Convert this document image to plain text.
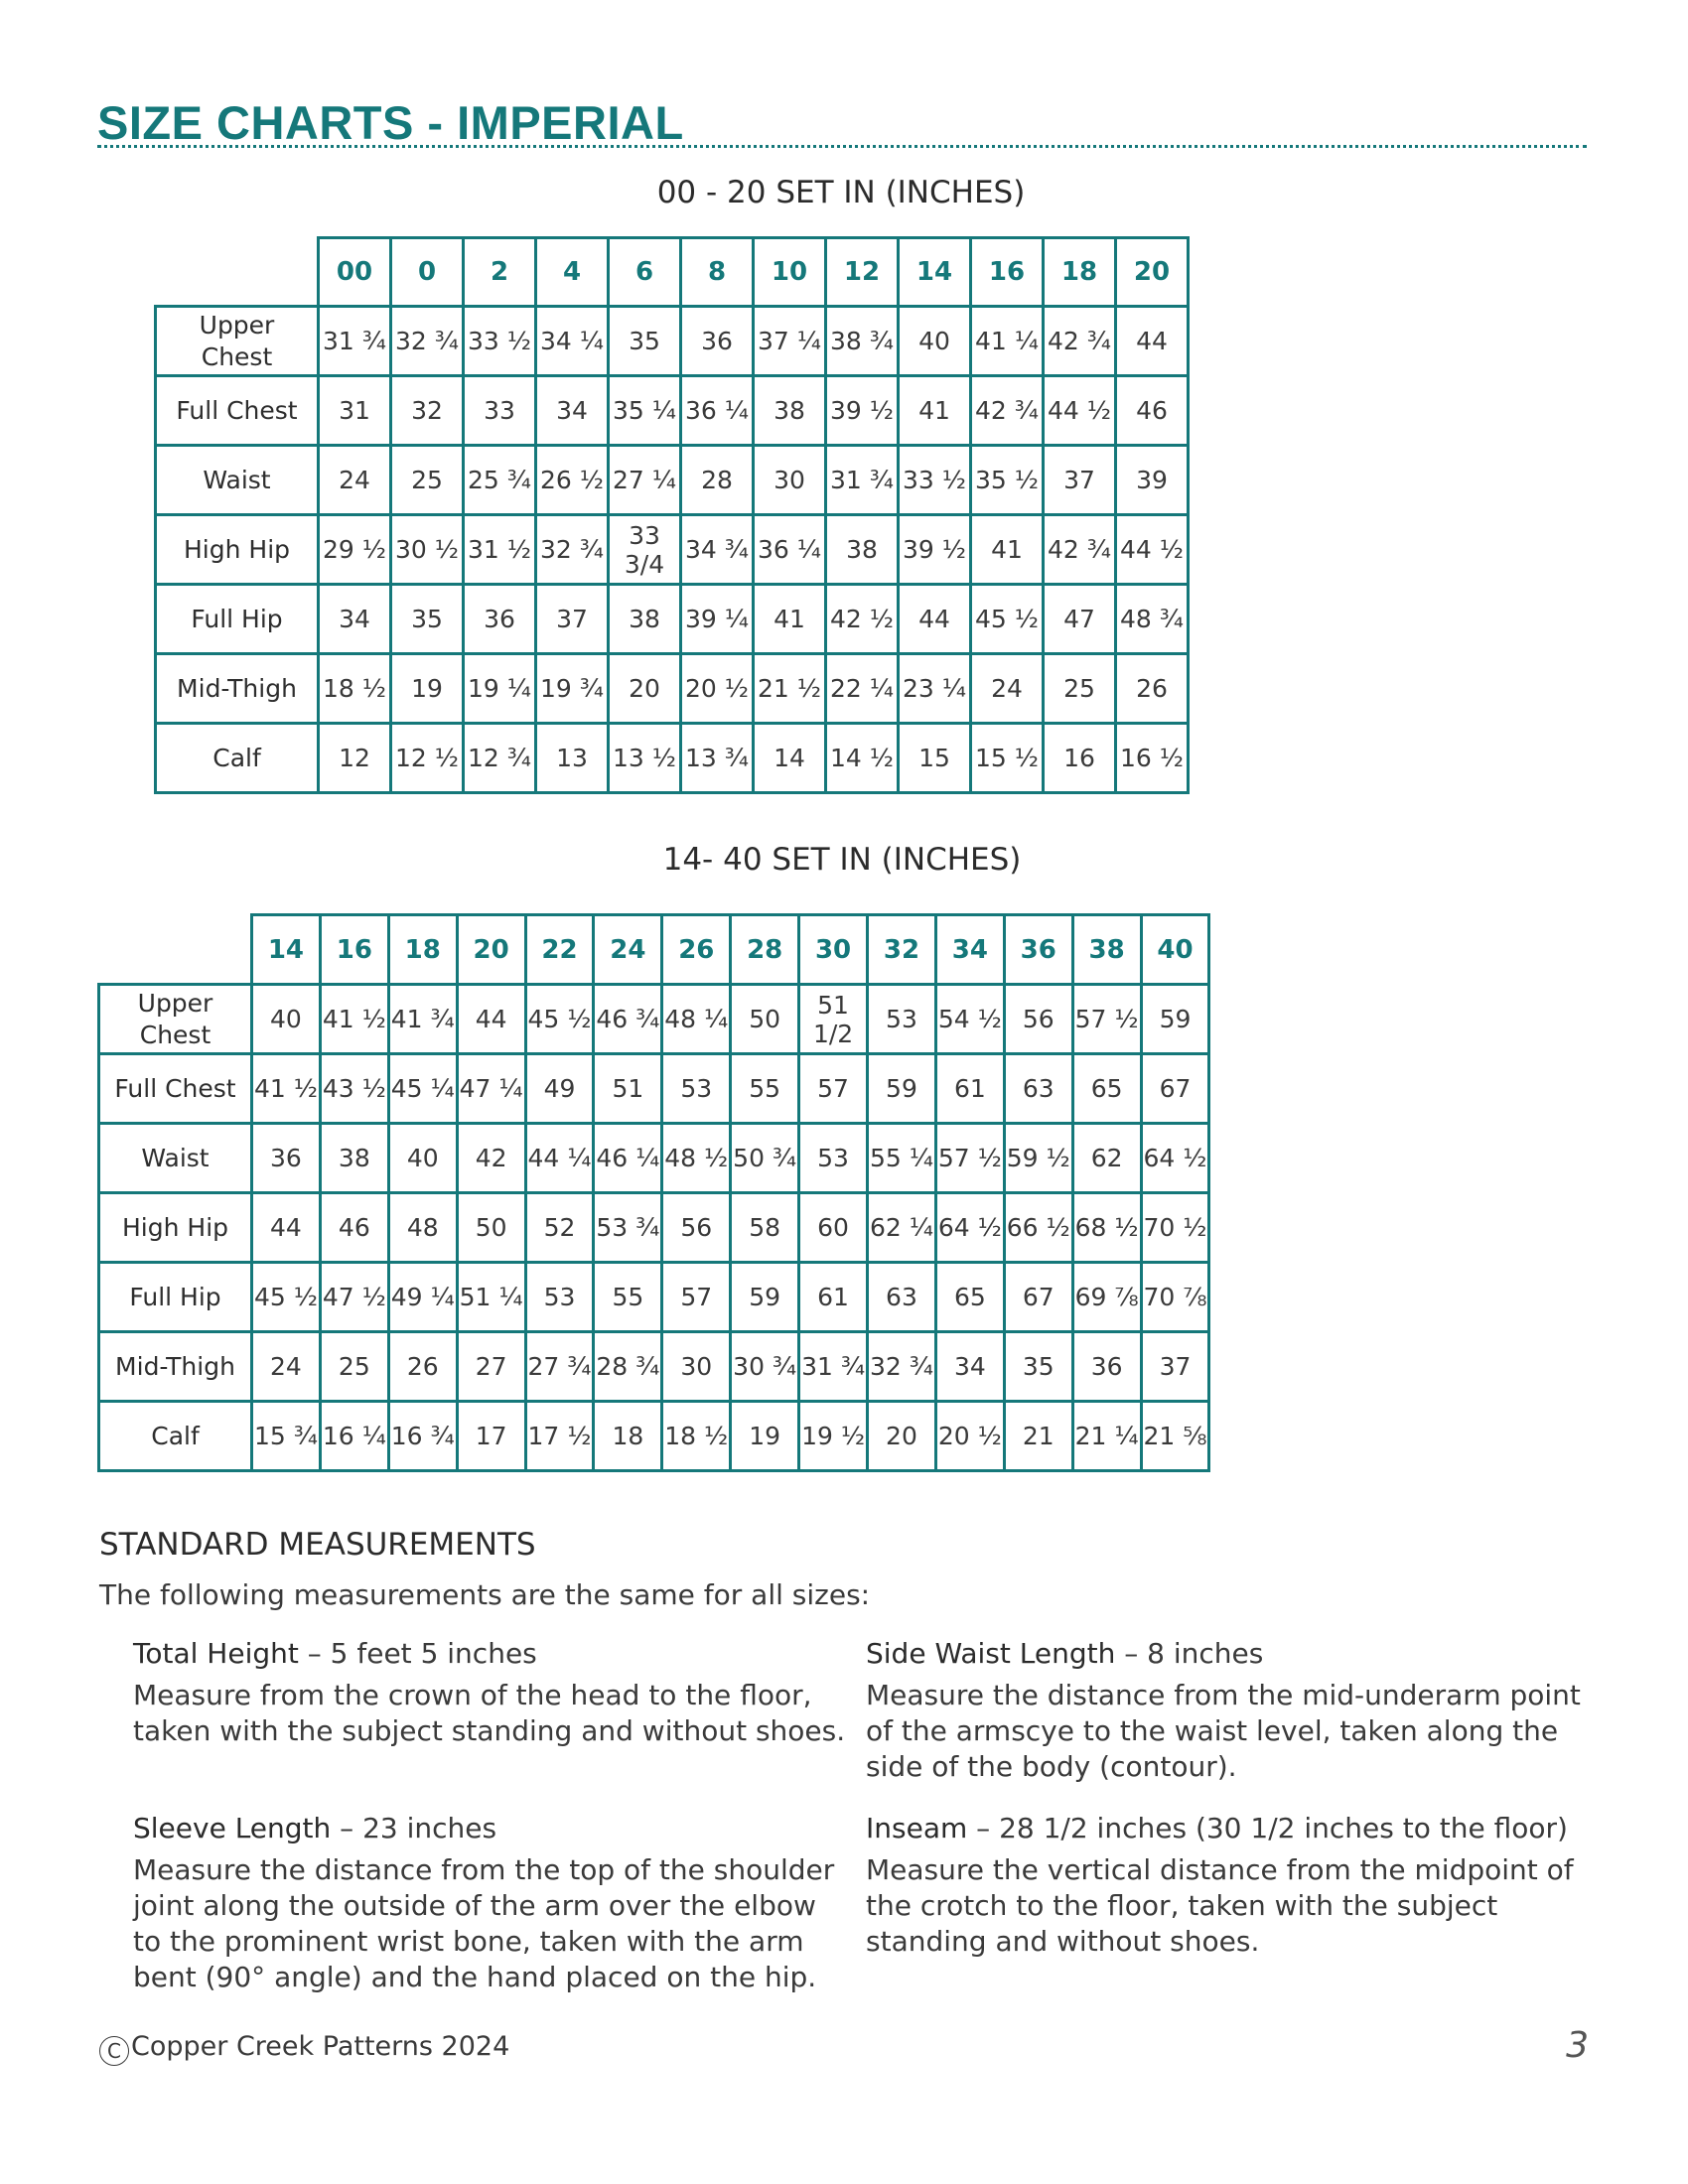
SIZE CHARTS - IMPERIAL
00 - 20 SET IN (INCHES)
	00	0	2	4	6	8	10	12	14	16	18	20
Upper Chest	31 ¾	32 ¾	33 ½	34 ¼	35	36	37 ¼	38 ¾	40	41 ¼	42 ¾	44
Full Chest	31	32	33	34	35 ¼	36 ¼	38	39 ½	41	42 ¾	44 ½	46
Waist	24	25	25 ¾	26 ½	27 ¼	28	30	31 ¾	33 ½	35 ½	37	39
High Hip	29 ½	30 ½	31 ½	32 ¾	33 3/4	34 ¾	36 ¼	38	39 ½	41	42 ¾	44 ½
Full Hip	34	35	36	37	38	39 ¼	41	42 ½	44	45 ½	47	48 ¾
Mid-Thigh	18 ½	19	19 ¼	19 ¾	20	20 ½	21 ½	22 ¼	23 ¼	24	25	26
Calf	12	12 ½	12 ¾	13	13 ½	13 ¾	14	14 ½	15	15 ½	16	16 ½
14- 40 SET IN (INCHES)
	14	16	18	20	22	24	26	28	30	32	34	36	38	40
Upper Chest	40	41 ½	41 ¾	44	45 ½	46 ¾	48 ¼	50	51 1/2	53	54 ½	56	57 ½	59
Full Chest	41 ½	43 ½	45 ¼	47 ¼	49	51	53	55	57	59	61	63	65	67
Waist	36	38	40	42	44 ¼	46 ¼	48 ½	50 ¾	53	55 ¼	57 ½	59 ½	62	64 ½
High Hip	44	46	48	50	52	53 ¾	56	58	60	62 ¼	64 ½	66 ½	68 ½	70 ½
Full Hip	45 ½	47 ½	49 ¼	51 ¼	53	55	57	59	61	63	65	67	69 ⅞	70 ⅞
Mid-Thigh	24	25	26	27	27 ¾	28 ¾	30	30 ¾	31 ¾	32 ¾	34	35	36	37
Calf	15 ¾	16 ¼	16 ¾	17	17 ½	18	18 ½	19	19 ½	20	20 ½	21	21 ¼	21 ⅝
STANDARD MEASUREMENTS

The following measurements are the same for all sizes:

Total Height – 5 feet 5 inches

Measure from the crown of the head to the floor, taken with the subject standing and without shoes.

Side Waist Length – 8 inches

Measure the distance from the mid-underarm point of the armscye to the waist level, taken along the side of the body (contour).

Sleeve Length – 23 inches

Measure the distance from the top of the shoulder joint along the outside of the arm over the elbow to the prominent wrist bone, taken with the arm bent (90° angle) and the hand placed on the hip.

Inseam – 28 1/2 inches (30 1/2 inches to the floor)

Measure the vertical distance from the midpoint of the crotch to the floor, taken with the subject standing and without shoes.

C Copper Creek Patterns 2024	3
